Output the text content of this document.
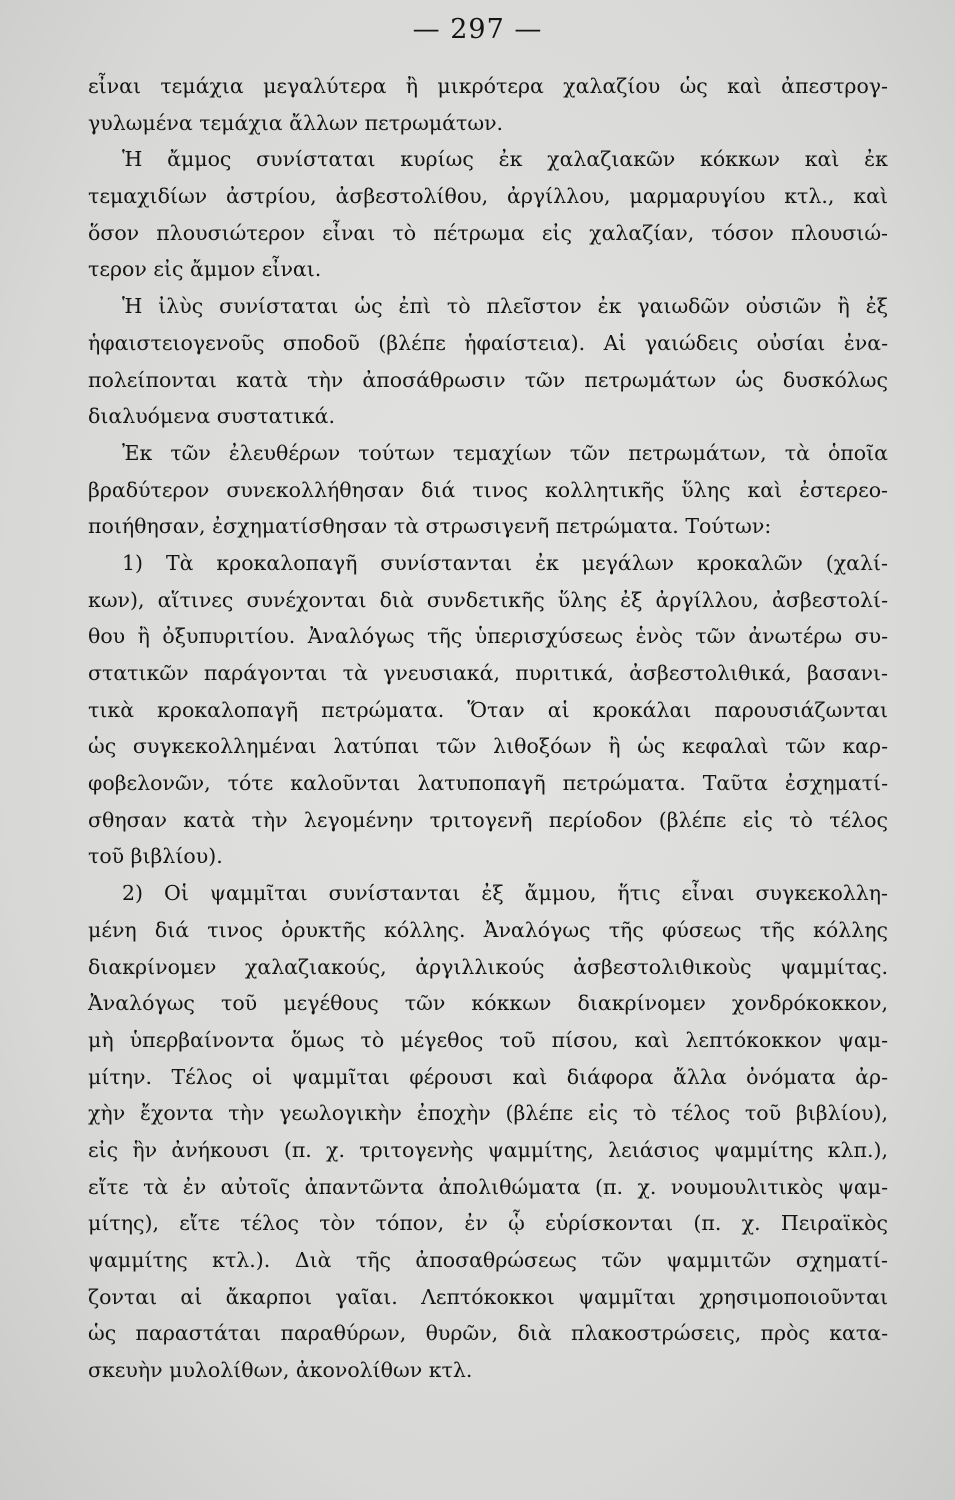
— 297 —
εἶναι τεμάχια μεγαλύτερα ἢ μικρότερα χαλαζίου ὡς καὶ ἀπεστρογ-
γυλωμένα τεμάχια ἄλλων πετρωμάτων.
Ἡ ἄμμος συνίσταται κυρίως ἐκ χαλαζιακῶν κόκκων καὶ ἐκ
τεμαχιδίων ἀστρίου, ἀσβεστολίθου, ἀργίλλου, μαρμαρυγίου κτλ., καὶ
ὅσον πλουσιώτερον εἶναι τὸ πέτρωμα εἰς χαλαζίαν, τόσον πλουσιώ-
τερον εἰς ἄμμον εἶναι.
Ἡ ἰλὺς συνίσταται ὡς ἐπὶ τὸ πλεῖστον ἐκ γαιωδῶν οὐσιῶν ἢ ἐξ
ἡφαιστειογενοῦς σποδοῦ (βλέπε ἡφαίστεια). Αἱ γαιώδεις οὐσίαι ἐνα-
πολείπονται κατὰ τὴν ἀποσάθρωσιν τῶν πετρωμάτων ὡς δυσκόλως
διαλυόμενα συστατικά.
Ἐκ τῶν ἐλευθέρων τούτων τεμαχίων τῶν πετρωμάτων, τὰ ὁποῖα
βραδύτερον συνεκολλήθησαν διά τινος κολλητικῆς ὕλης καὶ ἐστερεο-
ποιήθησαν, ἐσχηματίσθησαν τὰ στρωσιγενῆ πετρώματα. Τούτων:
1) Τὰ κροκαλοπαγῆ συνίστανται ἐκ μεγάλων κροκαλῶν (χαλί-
κων), αἵτινες συνέχονται διὰ συνδετικῆς ὕλης ἐξ ἀργίλλου, ἀσβεστολί-
θου ἢ ὀξυπυριτίου. Ἀναλόγως τῆς ὑπερισχύσεως ἑνὸς τῶν ἀνωτέρω συ-
στατικῶν παράγονται τὰ γνευσιακά, πυριτικά, ἀσβεστολιθικά, βασανι-
τικὰ κροκαλοπαγῆ πετρώματα. Ὅταν αἱ κροκάλαι παρουσιάζωνται
ὡς συγκεκολλημέναι λατύπαι τῶν λιθοξόων ἢ ὡς κεφαλαὶ τῶν καρ-
φοβελονῶν, τότε καλοῦνται λατυποπαγῆ πετρώματα. Ταῦτα ἐσχηματί-
σθησαν κατὰ τὴν λεγομένην τριτογενῆ περίοδον (βλέπε εἰς τὸ τέλος
τοῦ βιβλίου).
2) Οἱ ψαμμῖται συνίστανται ἐξ ἄμμου, ἥτις εἶναι συγκεκολλη-
μένη διά τινος ὀρυκτῆς κόλλης. Ἀναλόγως τῆς φύσεως τῆς κόλλης
διακρίνομεν χαλαζιακούς, ἀργιλλικούς ἀσβεστολιθικοὺς ψαμμίτας.
Ἀναλόγως τοῦ μεγέθους τῶν κόκκων διακρίνομεν χονδρόκοκκον,
μὴ ὑπερβαίνοντα ὅμως τὸ μέγεθος τοῦ πίσου, καὶ λεπτόκοκκον ψαμ-
μίτην. Τέλος οἱ ψαμμῖται φέρουσι καὶ διάφορα ἄλλα ὀνόματα ἀρ-
χὴν ἔχοντα τὴν γεωλογικὴν ἐποχὴν (βλέπε εἰς τὸ τέλος τοῦ βιβλίου),
εἰς ἣν ἀνήκουσι (π. χ. τριτογενὴς ψαμμίτης, λειάσιος ψαμμίτης κλπ.),
εἴτε τὰ ἐν αὐτοῖς ἀπαντῶντα ἀπολιθώματα (π. χ. νουμουλιτικὸς ψαμ-
μίτης), εἴτε τέλος τὸν τόπον, ἐν ᾧ εὑρίσκονται (π. χ. Πειραϊκὸς
ψαμμίτης κτλ.). Διὰ τῆς ἀποσαθρώσεως τῶν ψαμμιτῶν σχηματί-
ζονται αἱ ἄκαρποι γαῖαι. Λεπτόκοκκοι ψαμμῖται χρησιμοποιοῦνται
ὡς παραστάται παραθύρων, θυρῶν, διὰ πλακοστρώσεις, πρὸς κατα-
σκευὴν μυλολίθων, ἀκονολίθων κτλ.
